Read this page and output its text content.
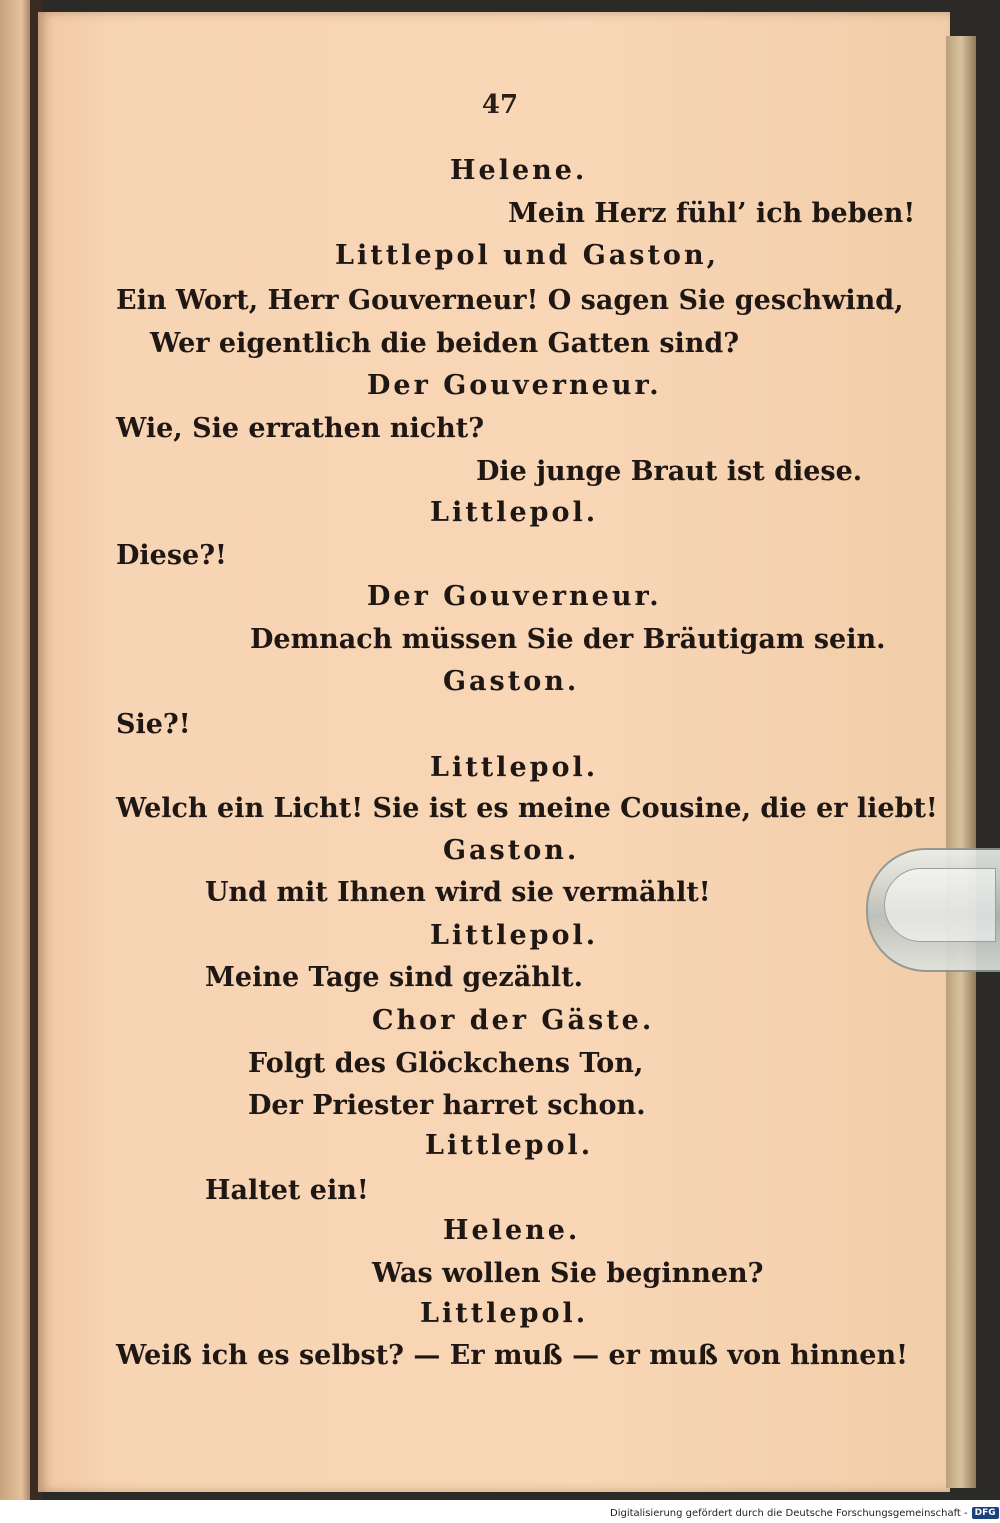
47
Helene.
Mein Herz fühl’ ich beben!
Littlepol und Gaston,
Ein Wort, Herr Gouverneur! O sagen Sie geschwind,
Wer eigentlich die beiden Gatten sind?
Der Gouverneur.
Wie, Sie errathen nicht?
Die junge Braut ist diese.
Littlepol.
Diese?!
Der Gouverneur.
Demnach müssen Sie der Bräutigam sein.
Gaston.
Sie?!
Littlepol.
Welch ein Licht! Sie ist es meine Cousine, die er liebt!
Gaston.
Und mit Ihnen wird sie vermählt!
Littlepol.
Meine Tage sind gezählt.
Chor der Gäste.
Folgt des Glöckchens Ton,
Der Priester harret schon.
Littlepol.
Haltet ein!
Helene.
Was wollen Sie beginnen?
Littlepol.
Weiß ich es selbst? — Er muß — er muß von hinnen!
Digitalisierung gefördert durch die Deutsche Forschungsgemeinschaft - DFG
